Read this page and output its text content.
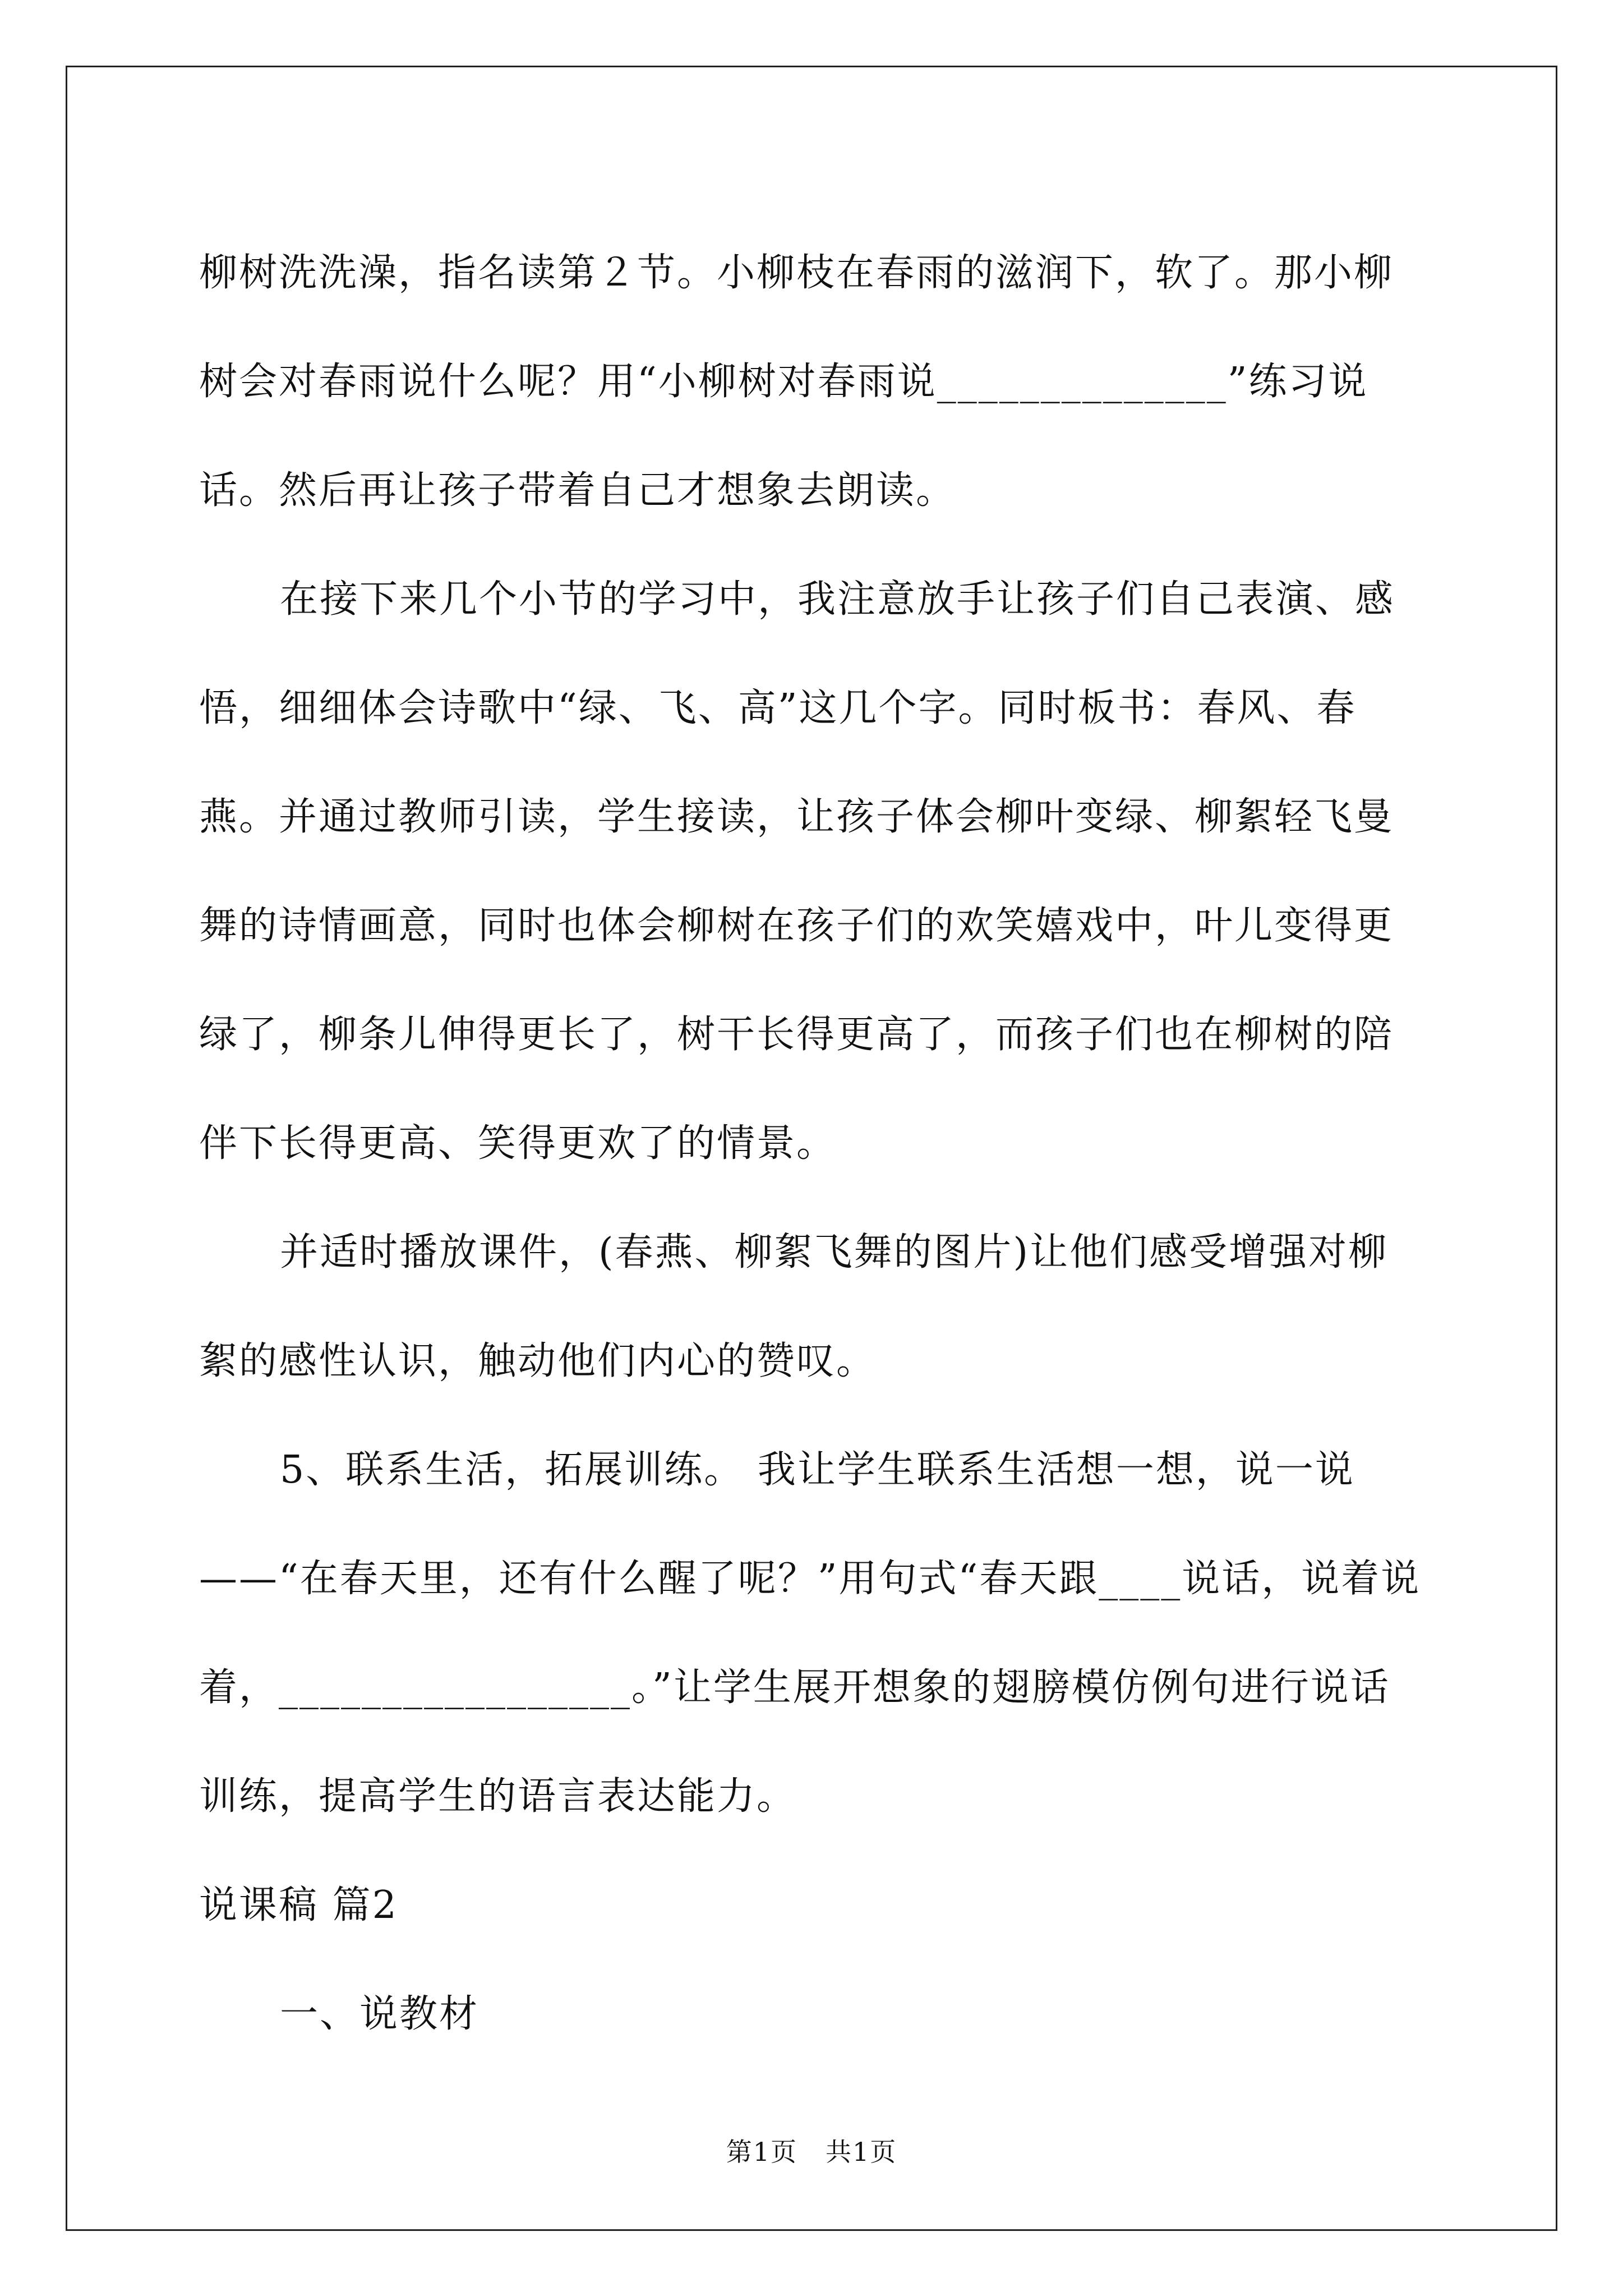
柳树洗洗澡，指名读第２节。小柳枝在春雨的滋润下，软了。那小柳树会对春雨说什么呢？用“小柳树对春雨说______________”练习说话。然后再让孩子带着自己才想象去朗读。

在接下来几个小节的学习中，我注意放手让孩子们自己表演、感悟，细细体会诗歌中“绿、飞、高”这几个字。同时板书：春风、春燕。并通过教师引读，学生接读，让孩子体会柳叶变绿、柳絮轻飞曼舞的诗情画意，同时也体会柳树在孩子们的欢笑嬉戏中，叶儿变得更绿了，柳条儿伸得更长了，树干长得更高了，而孩子们也在柳树的陪伴下长得更高、笑得更欢了的情景。

并适时播放课件，(春燕、柳絮飞舞的图片)让他们感受增强对柳絮的感性认识，触动他们内心的赞叹。

5、联系生活，拓展训练。 我让学生联系生活想一想，说一说——“在春天里，还有什么醒了呢？”用句式“春天跟____说话，说着说着，_________________。”让学生展开想象的翅膀模仿例句进行说话训练，提高学生的语言表达能力。

说课稿 篇2

一、说教材

第1页 共1页
